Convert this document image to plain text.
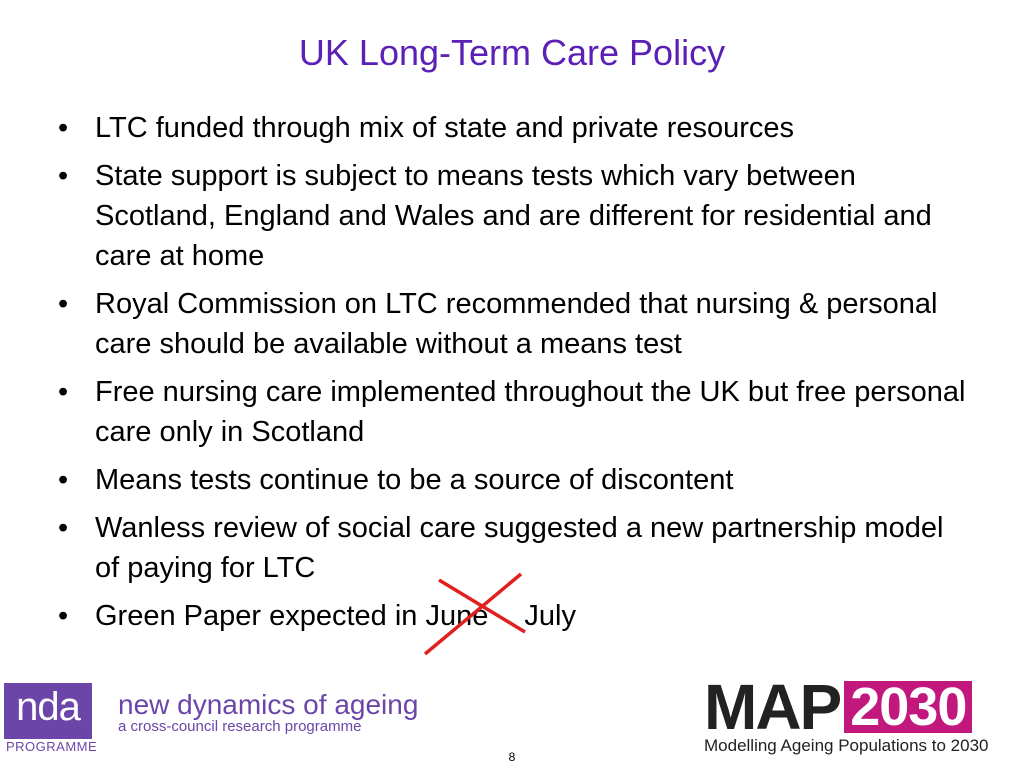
UK Long-Term Care Policy
• LTC funded through mix of state and private resources
• State support is subject to means tests which vary between Scotland, England and Wales and are different for residential and care at home
• Royal Commission on LTC recommended that nursing & personal care should be available without a means test
• Free nursing care implemented throughout the UK but free personal care only in Scotland
• Means tests continue to be a source of discontent
• Wanless review of social care suggested a new partnership model of paying for LTC
• Green Paper expected in June July
nda
PROGRAMME
new dynamics of ageing
a cross-council research programme	MAP 2030
Modelling Ageing Populations to 2030
8
